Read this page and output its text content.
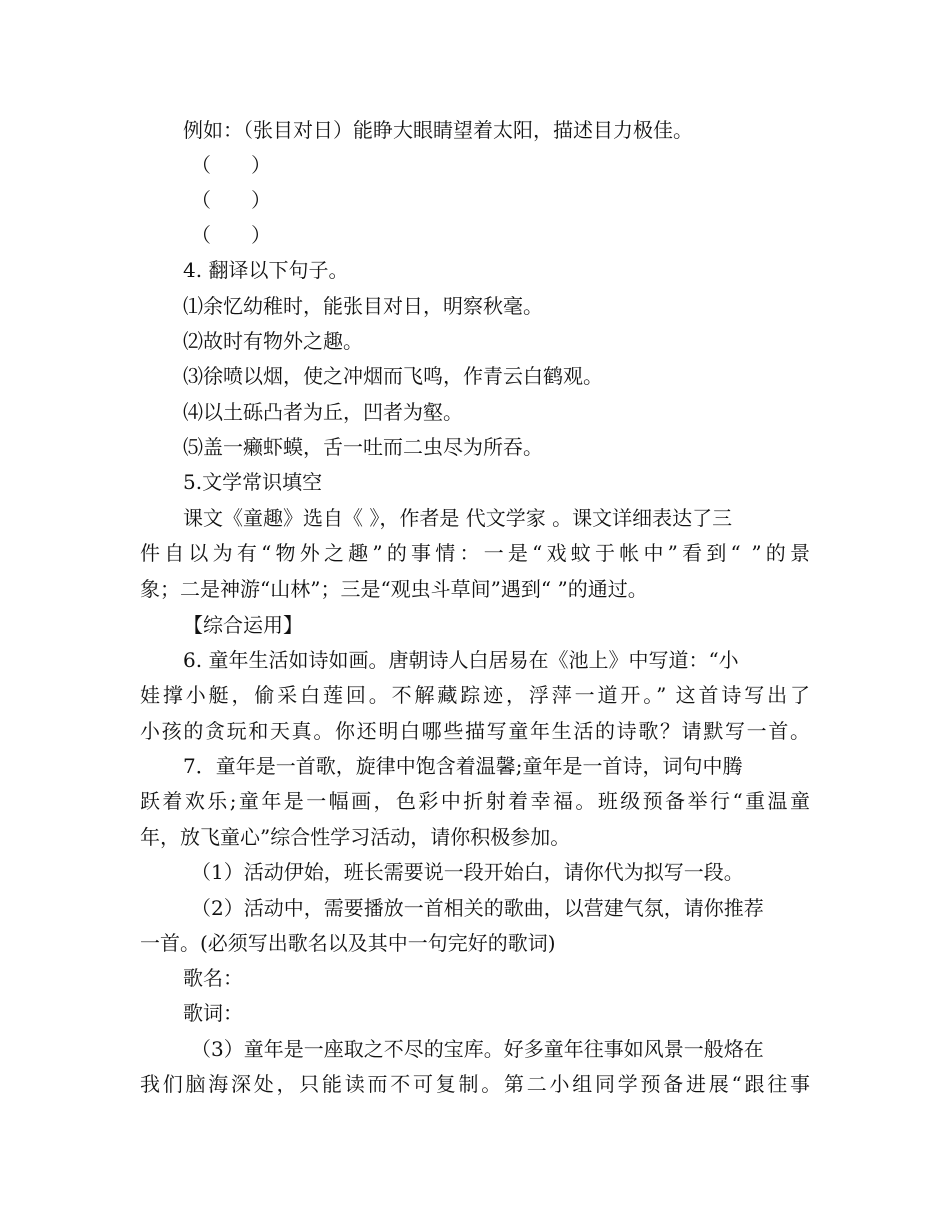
例如：（张目对日）能睁大眼睛望着太阳，描述目力极佳。

（　　）

（　　）

（　　）

4. 翻译以下句子。

⑴余忆幼稚时，能张目对日，明察秋毫。

⑵故时有物外之趣。

⑶徐喷以烟，使之冲烟而飞鸣，作青云白鹤观。

⑷以土砾凸者为丘，凹者为壑。

⑸盖一癞虾蟆，舌一吐而二虫尽为所吞。

5.文学常识填空

课文《童趣》选自《 》，作者是 代文学家 。课文详细表达了三

件自以为有“物外之趣”的事情：一是“戏蚊于帐中”看到“ ”的景

象；二是神游“山林”；三是“观虫斗草间”遇到“ ”的通过。

【综合运用】

6. 童年生活如诗如画。唐朝诗人白居易在《池上》中写道：“小

娃撑小艇，偷采白莲回。不解藏踪迹，浮萍一道开。” 这首诗写出了

小孩的贪玩和天真。你还明白哪些描写童年生活的诗歌？请默写一首。

7．童年是一首歌，旋律中饱含着温馨;童年是一首诗，词句中腾

跃着欢乐;童年是一幅画，色彩中折射着幸福。班级预备举行“重温童

年，放飞童心”综合性学习活动，请你积极参加。

（1）活动伊始，班长需要说一段开始白，请你代为拟写一段。

（2）活动中，需要播放一首相关的歌曲，以营建气氛，请你推荐

一首。(必须写出歌名以及其中一句完好的歌词)

歌名：

歌词：

（3）童年是一座取之不尽的宝库。好多童年往事如风景一般烙在

我们脑海深处，只能读而不可复制。第二小组同学预备进展“跟往事
